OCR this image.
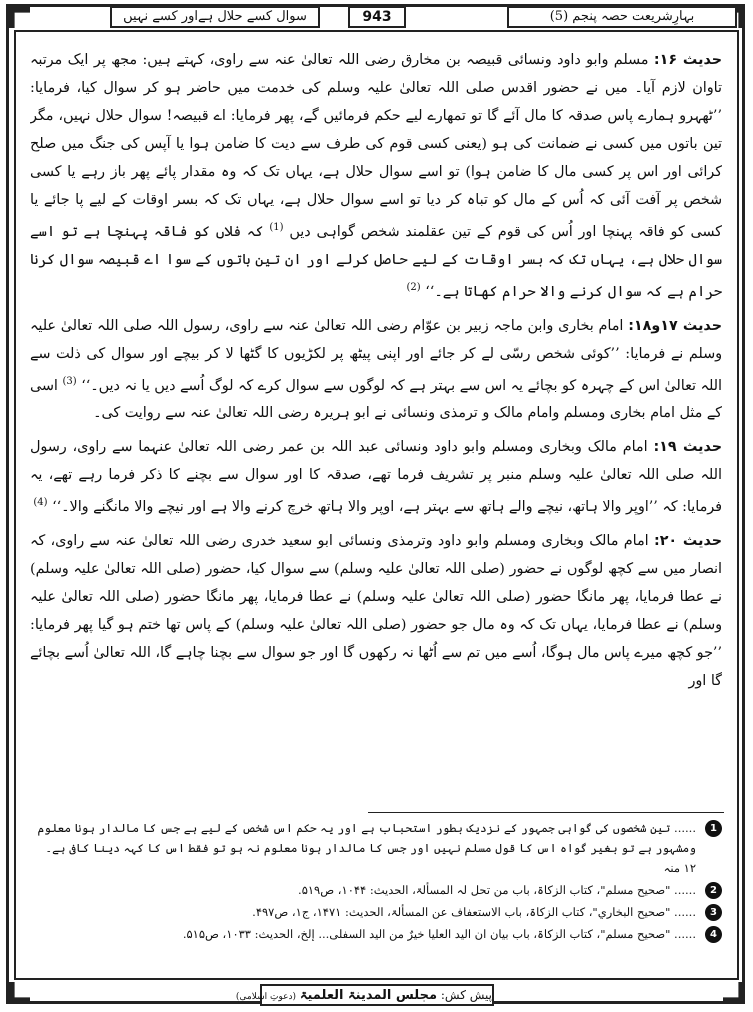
بہارِشریعت حصہ پنجم (5)
943
سوال کسے حلال ہےاور کسے نہیں

حدیث ۱۶: مسلم وابو داود ونسائی قبیصہ بن مخارق رضی اللہ تعالیٰ عنہ سے راوی، کہتے ہیں: مجھ پر ایک مرتبہ تاوان لازم آیا۔ میں نے حضور اقدس صلی اللہ تعالیٰ علیہ وسلم کی خدمت میں حاضر ہو کر سوال کیا، فرمایا: ’’ٹھہرو ہمارے پاس صدقہ کا مال آئے گا تو تمھارے لیے حکم فرمائیں گے، پھر فرمایا: اے قبیصہ! سوال حلال نہیں، مگر تین باتوں میں کسی نے ضمانت کی ہو (یعنی کسی قوم کی طرف سے دیت کا ضامن ہوا یا آپس کی جنگ میں صلح کرائی اور اس پر کسی مال کا ضامن ہوا) تو اسے سوال حلال ہے، یہاں تک کہ وہ مقدار پائے پھر باز رہے یا کسی شخص پر آفت آئی کہ اُس کے مال کو تباہ کر دیا تو اسے سوال حلال ہے، یہاں تک کہ بسر اوقات کے لیے پا جائے یا کسی کو فاقہ پہنچا اور اُس کی قوم کے تین عقلمند شخص گواہی دیں $^{(1)}$ کہ فلاں کو فاقہ پہنچا ہے تو اسے سوال حلال ہے، یہاں تک کہ بسر اوقات کے لیے حاصل کرلے اور ان تین باتوں کے سوا اے قبیصہ سوال کرنا حرام ہے کہ سوال کرنے والا حرام کھاتا ہے۔‘‘ $^{(2)}$

حدیث ۱۷و۱۸: امام بخاری وابن ماجہ زبیر بن عوّام رضی اللہ تعالیٰ عنہ سے راوی، رسول اللہ صلی اللہ تعالیٰ علیہ وسلم نے فرمایا: ’’کوئی شخص رسّی لے کر جائے اور اپنی پیٹھ پر لکڑیوں کا گٹھا لا کر بیچے اور سوال کی ذلت سے اللہ تعالیٰ اس کے چہرہ کو بچائے یہ اس سے بہتر ہے کہ لوگوں سے سوال کرے کہ لوگ اُسے دیں یا نہ دیں۔‘‘ $^{(3)}$ اسی کے مثل امام بخاری ومسلم وامام مالک و ترمذی ونسائی نے ابو ہریرہ رضی اللہ تعالیٰ عنہ سے روایت کی۔

حدیث ۱۹: امام مالک وبخاری ومسلم وابو داود ونسائی عبد اللہ بن عمر رضی اللہ تعالیٰ عنہما سے راوی، رسول اللہ صلی اللہ تعالیٰ علیہ وسلم منبر پر تشریف فرما تھے، صدقہ کا اور سوال سے بچنے کا ذکر فرما رہے تھے، یہ فرمایا: کہ ’’اوپر والا ہاتھ، نیچے والے ہاتھ سے بہتر ہے، اوپر والا ہاتھ خرچ کرنے والا ہے اور نیچے والا مانگنے والا۔‘‘ $^{(4)}$

حدیث ۲۰: امام مالک وبخاری ومسلم وابو داود وترمذی ونسائی ابو سعید خدری رضی اللہ تعالیٰ عنہ سے راوی، کہ انصار میں سے کچھ لوگوں نے حضور (صلی اللہ تعالیٰ علیہ وسلم) سے سوال کیا، حضور (صلی اللہ تعالیٰ علیہ وسلم) نے عطا فرمایا، پھر مانگا حضور (صلی اللہ تعالیٰ علیہ وسلم) نے عطا فرمایا، پھر مانگا حضور (صلی اللہ تعالیٰ علیہ وسلم) نے عطا فرمایا، یہاں تک کہ وہ مال جو حضور (صلی اللہ تعالیٰ علیہ وسلم) کے پاس تھا ختم ہو گیا پھر فرمایا: ’’جو کچھ میرے پاس مال ہوگا، اُسے میں تم سے اُٹھا نہ رکھوں گا اور جو سوال سے بچنا چاہے گا، اللہ تعالیٰ اُسے بچائے گا اور

1
...... تین شخصوں کی گواہی جمہور کے نزدیک بطور استحباب ہے اور یہ حکم اس شخص کے لیے ہے جس کا مالدار ہونا معلوم ومشہور ہے تو بغیر گواہ اس کا قول مسلم نہیں اور جس کا مالدار ہونا معلوم نہ ہو تو فقط اس کا کہہ دینا کافی ہے۔ ۱۲ منہ
2
...... "صحیح مسلم"، کتاب الزکاۃ، باب من تحل لہ المسألۃ، الحدیث: ۱۰۴۴، ص۵۱۹.
3
...... "صحیح البخاري"، کتاب الزکاۃ، باب الاستعفاف عن المسألۃ، الحدیث: ۱۴۷۱، ج۱، ص۴۹۷.
4
...... "صحیح مسلم"، کتاب الزکاۃ، باب بیان ان الید العلیا خیرٌ من الید السفلی... إلخ، الحدیث: ۱۰۳۳، ص۵۱۵.
پیش کش: مجلس المدینۃ العلمیۃ (دعوتِ اسلامی)
